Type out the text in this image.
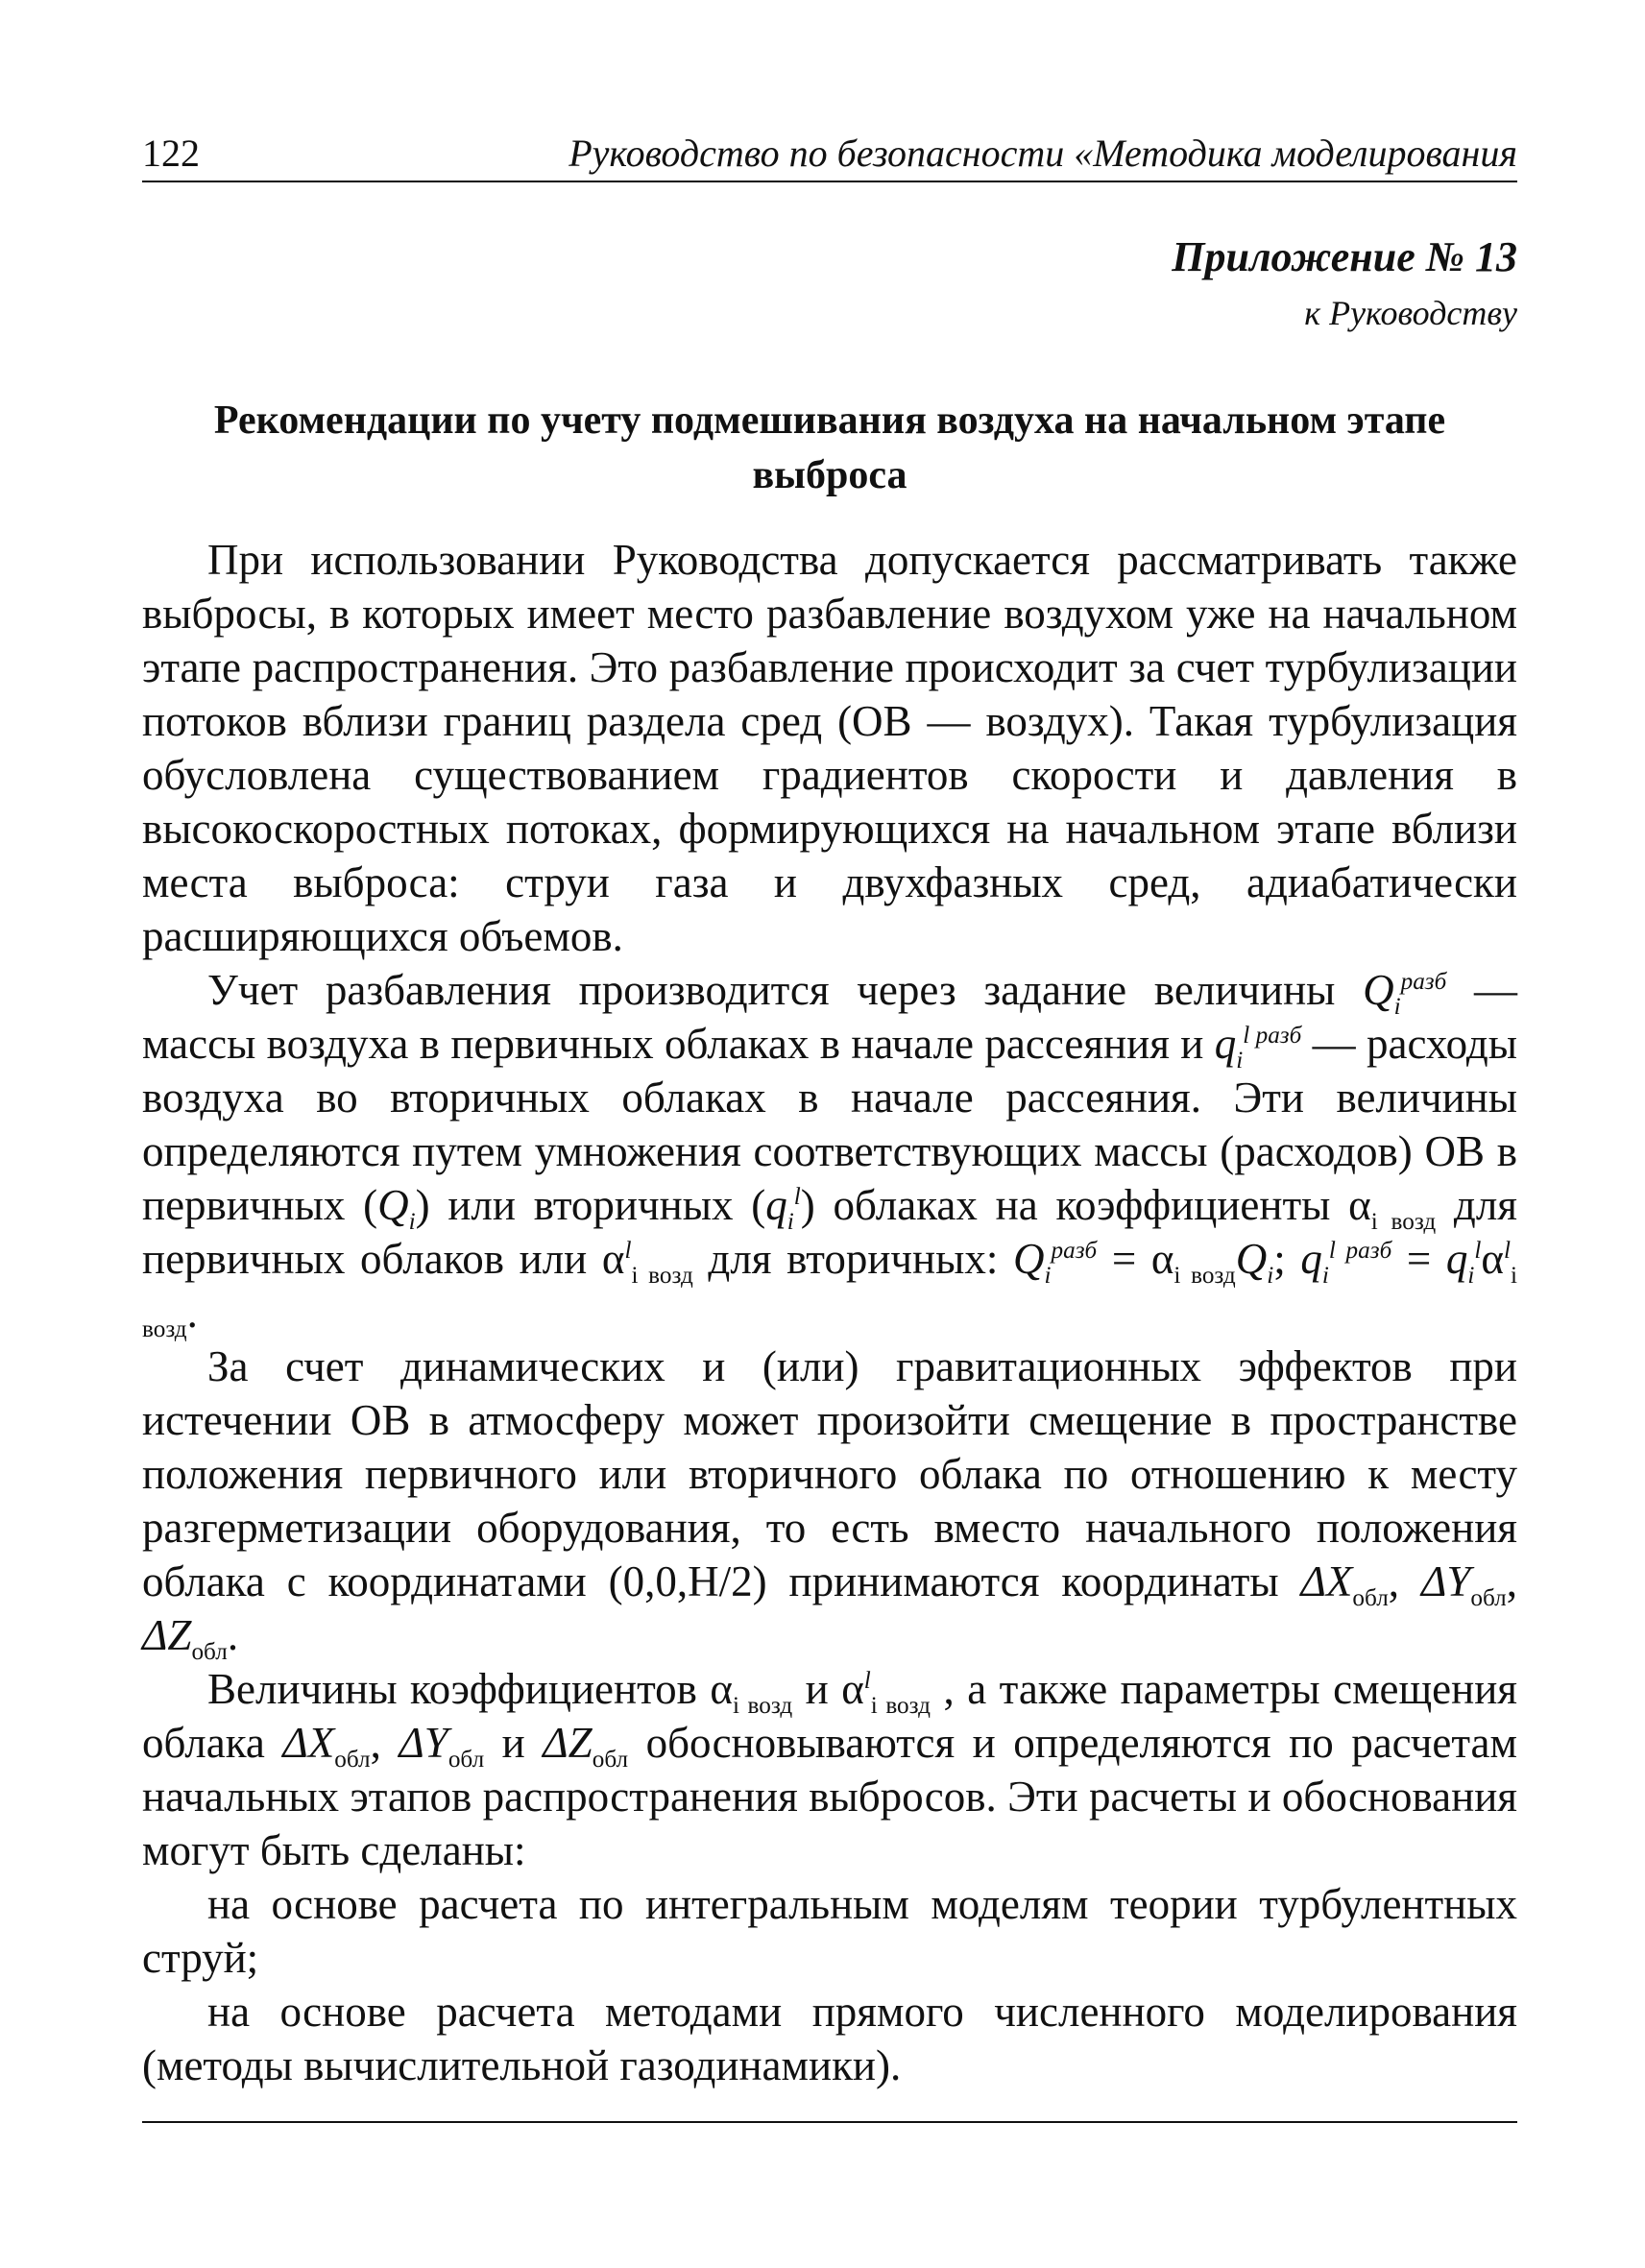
122	Руководство по безопасности «Методика моделирования
Приложение № 13
к Руководству
Рекомендации по учету подмешивания воздуха на начальном этапе выброса

При использовании Руководства допускается рассматривать также выбросы, в которых имеет место разбавление воздухом уже на начальном этапе распространения. Это разбавление происходит за счет турбулизации потоков вблизи границ раздела сред (ОВ — воздух). Такая турбулизация обусловлена существованием градиентов скорости и давления в высокоскоростных потоках, формирующихся на начальном этапе вблизи места выброса: струи газа и двухфазных сред, адиабатически расширяющихся объемов.

Учет разбавления производится через задание величины $Q_i^{разб}$ — массы воздуха в первичных облаках в начале рассеяния и $q_i^{l разб}$ — расходы воздуха во вторичных облаках в начале рассеяния. Эти величины определяются путем умножения соответствующих массы (расходов) ОВ в первичных $(Q_i)$ или вторичных $(q_i^l)$ облаках на коэффициенты $\alpha_{i возд}$ для первичных облаков или $\alpha^l_{i возд}$ для вторичных: $Q_i^{разб} = \alpha_{i возд}Q_i$; $q_i^{l разб} = q_i^l\alpha^l_{i возд}$.

За счет динамических и (или) гравитационных эффектов при истечении ОВ в атмосферу может произойти смещение в пространстве положения первичного или вторичного облака по отношению к месту разгерметизации оборудования, то есть вместо начального положения облака с координатами (0,0,Н/2) принимаются координаты $\Delta X_{обл}$, $\Delta Y_{обл}$, $\Delta Z_{обл}$.

Величины коэффициентов $\alpha_{i возд}$ и $\alpha^l_{i возд}$ , а также параметры смещения облака $\Delta X_{обл}$, $\Delta Y_{обл}$ и $\Delta Z_{обл}$ обосновываются и определяются по расчетам начальных этапов распространения выбросов. Эти расчеты и обоснования могут быть сделаны:

на основе расчета по интегральным моделям теории турбулентных струй;

на основе расчета методами прямого численного моделирования (методы вычислительной газодинамики).
